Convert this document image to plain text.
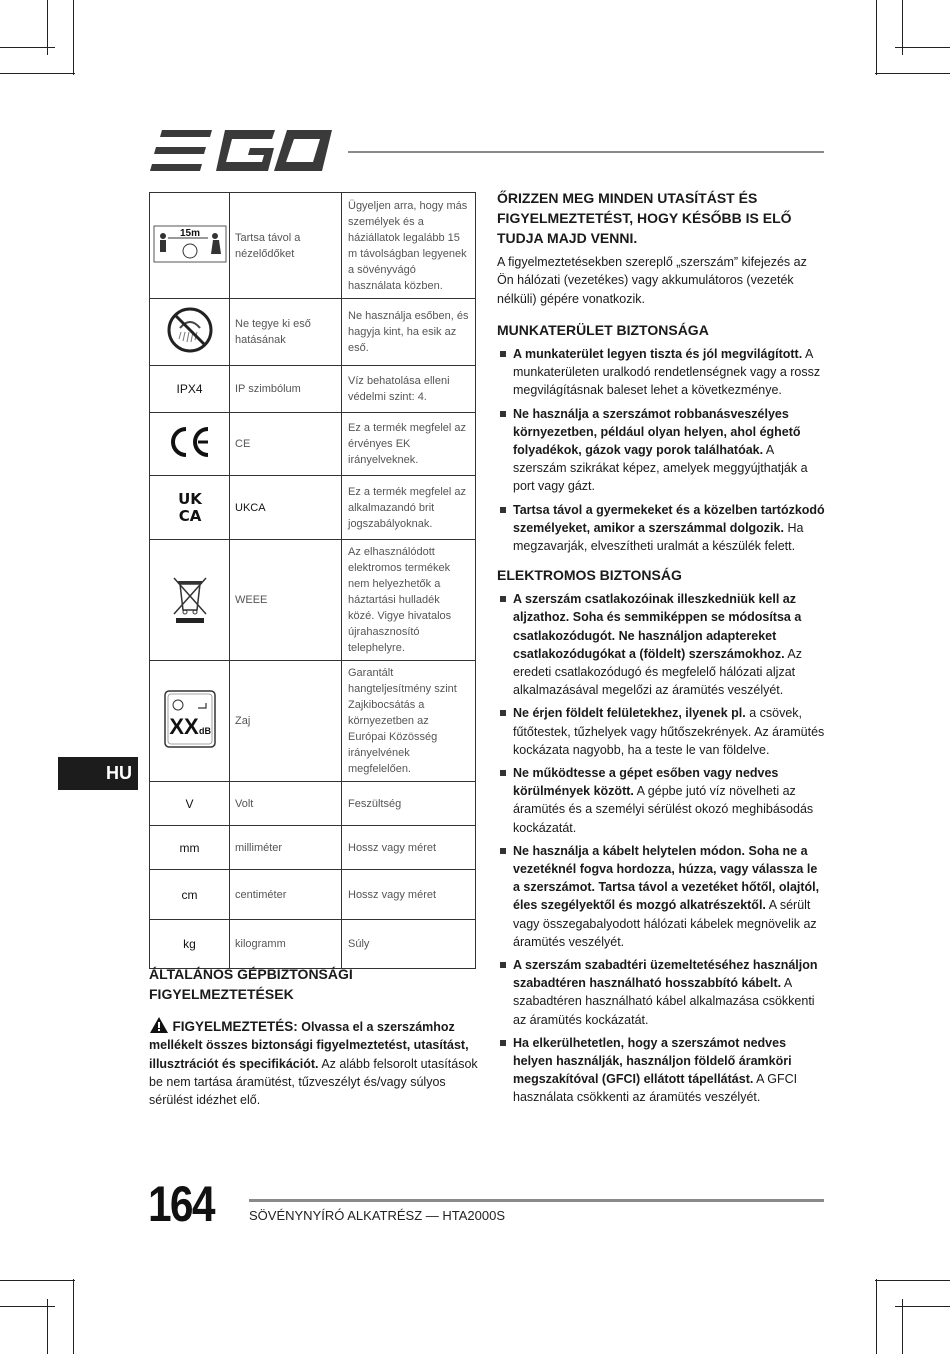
15m	Tartsa távol a nézelődőket	Ügyeljen arra, hogy más személyek és a háziállatok legalább 15 m távolságban legyenek a sövényvágó használata közben.
	Ne tegye ki eső hatásának	Ne használja esőben, és hagyja kint, ha esik az eső.
IPX4	IP szimbólum	Víz behatolása elleni védelmi szint: 4.
	CE	Ez a termék megfelel az érvényes EK irányelveknek.

UK
CA	UKCA	Ez a termék megfelel az alkalmazandó brit jogszabályoknak.
	WEEE	Az elhasználódott elektromos termékek nem helyezhetők a háztartási hulladék közé. Vigye hivatalos újrahasznosító telephelyre.

XX dB	Zaj	Garantált hangteljesítmény szint Zajkibocsátás a környezetben az Európai Közösség irányelvének megfelelően.
V	Volt	Feszültség
mm	milliméter	Hossz vagy méret
cm	centiméter	Hossz vagy méret
kg	kilogramm	Súly
HU
ÁLTALÁNOS GÉPBIZTONSÁGI FIGYELMEZTETÉSEK

FIGYELMEZTETÉS: Olvassa el a szerszámhoz mellékelt összes biztonsági figyelmeztetést, utasítást, illusztrációt és specifikációt. Az alább felsorolt utasítások be nem tartása áramütést, tűzveszélyt és/vagy súlyos sérülést idézhet elő.

ŐRIZZEN MEG MINDEN UTASÍTÁST ÉS FIGYELMEZTETÉST, HOGY KÉSŐBB IS ELŐ TUDJA MAJD VENNI.

A figyelmeztetésekben szereplő „szerszám” kifejezés az Ön hálózati (vezetékes) vagy akkumulátoros (vezeték nélküli) gépére vonatkozik.

MUNKATERÜLET BIZTONSÁGA
A munkaterület legyen tiszta és jól megvilágított. A munkaterületen uralkodó rendetlenségnek vagy a rossz megvilágításnak baleset lehet a következménye.
Ne használja a szerszámot robbanásveszélyes környezetben, például olyan helyen, ahol éghető folyadékok, gázok vagy porok találhatóak. A szerszám szikrákat képez, amelyek meggyújthatják a port vagy gázt.
Tartsa távol a gyermekeket és a közelben tartózkodó személyeket, amikor a szerszámmal dolgozik. Ha megzavarják, elveszítheti uralmát a készülék felett.
ELEKTROMOS BIZTONSÁG
A szerszám csatlakozóinak illeszkedniük kell az aljzathoz. Soha és semmiképpen se módosítsa a csatlakozódugót. Ne használjon adaptereket csatlakozódugókat a (földelt) szerszámokhoz. Az eredeti csatlakozódugó és megfelelő hálózati aljzat alkalmazásával megelőzi az áramütés veszélyét.
Ne érjen földelt felületekhez, ilyenek pl. a csövek, fűtőtestek, tűzhelyek vagy hűtőszekrények. Az áramütés kockázata nagyobb, ha a teste le van földelve.
Ne működtesse a gépet esőben vagy nedves körülmények között. A gépbe jutó víz növelheti az áramütés és a személyi sérülést okozó meghibásodás kockázatát.
Ne használja a kábelt helytelen módon. Soha ne a vezetéknél fogva hordozza, húzza, vagy válassza le a szerszámot. Tartsa távol a vezetéket hőtől, olajtól, éles szegélyektől és mozgó alkatrészektől. A sérült vagy összegabalyodott hálózati kábelek megnövelik az áramütés veszélyét.
A szerszám szabadtéri üzemeltetéséhez használjon szabadtéren használható hosszabbító kábelt. A szabadtéren használható kábel alkalmazása csökkenti az áramütés kockázatát.
Ha elkerülhetetlen, hogy a szerszámot nedves helyen használják, használjon földelő áramköri megszakítóval (GFCI) ellátott tápellátást. A GFCI használata csökkenti az áramütés veszélyét.
164	SÖVÉNYNYÍRÓ ALKATRÉSZ — HTA2000S
